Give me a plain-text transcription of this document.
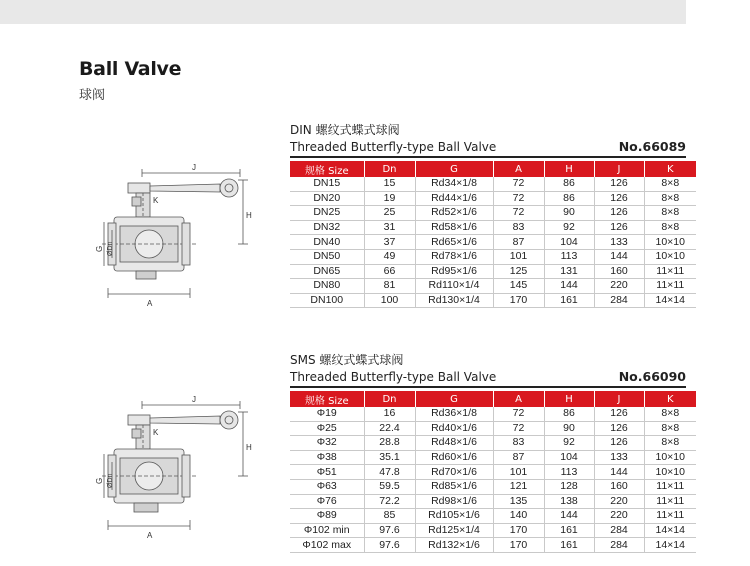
Ball Valve
球阀
J
K
H
A
G ØDn
DIN 螺纹式蝶式球阀
Threaded Butterfly-type Ball Valve	No.66089
规格 Size	Dn	G	A	H	J	K
DN15	15	Rd34×1/8	72	86	126	8×8
DN20	19	Rd44×1/6	72	86	126	8×8
DN25	25	Rd52×1/6	72	90	126	8×8
DN32	31	Rd58×1/6	83	92	126	8×8
DN40	37	Rd65×1/6	87	104	133	10×10
DN50	49	Rd78×1/6	101	113	144	10×10
DN65	66	Rd95×1/6	125	131	160	11×11
DN80	81	Rd110×1/4	145	144	220	11×11
DN100	100	Rd130×1/4	170	161	284	14×14
J
K
H
A
G ØDn
SMS 螺纹式蝶式球阀
Threaded Butterfly-type Ball Valve	No.66090
规格 Size	Dn	G	A	H	J	K
Φ19	16	Rd36×1/8	72	86	126	8×8
Φ25	22.4	Rd40×1/6	72	90	126	8×8
Φ32	28.8	Rd48×1/6	83	92	126	8×8
Φ38	35.1	Rd60×1/6	87	104	133	10×10
Φ51	47.8	Rd70×1/6	101	113	144	10×10
Φ63	59.5	Rd85×1/6	121	128	160	11×11
Φ76	72.2	Rd98×1/6	135	138	220	11×11
Φ89	85	Rd105×1/6	140	144	220	11×11
Φ102 min	97.6	Rd125×1/4	170	161	284	14×14
Φ102 max	97.6	Rd132×1/6	170	161	284	14×14
